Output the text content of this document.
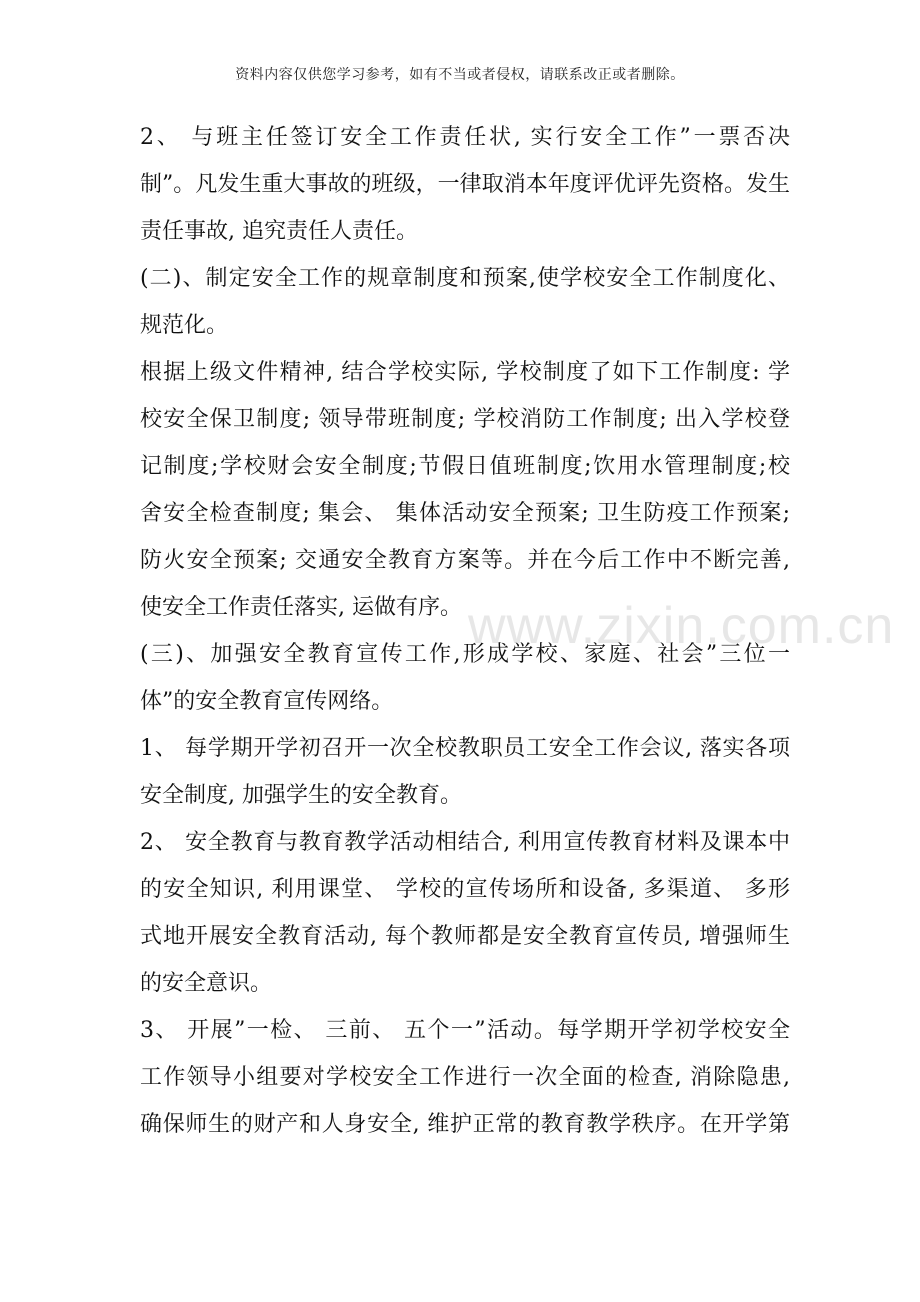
资料内容仅供您学习参考，如有不当或者侵权，请联系改正或者删除。
www.zixin.com.cn
2、 与班主任签订安全工作责任状, 实行安全工作”一票否决
制”。凡发生重大事故的班级，一律取消本年度评优评先资格。发生
责任事故, 追究责任人责任。
(二)、制定安全工作的规章制度和预案,使学校安全工作制度化、
规范化。
根据上级文件精神, 结合学校实际, 学校制度了如下工作制度: 学
校安全保卫制度; 领导带班制度; 学校消防工作制度; 出入学校登
记制度;学校财会安全制度;节假日值班制度;饮用水管理制度;校
舍安全检查制度; 集会、 集体活动安全预案; 卫生防疫工作预案;
防火安全预案; 交通安全教育方案等。并在今后工作中不断完善,
使安全工作责任落实, 运做有序。
(三)、加强安全教育宣传工作,形成学校、家庭、社会”三位一
体”的安全教育宣传网络。
1、 每学期开学初召开一次全校教职员工安全工作会议, 落实各项
安全制度, 加强学生的安全教育。
2、 安全教育与教育教学活动相结合, 利用宣传教育材料及课本中
的安全知识, 利用课堂、 学校的宣传场所和设备, 多渠道、 多形
式地开展安全教育活动, 每个教师都是安全教育宣传员, 增强师生
的安全意识。
3、 开展”一检、 三前、 五个一”活动。每学期开学初学校安全
工作领导小组要对学校安全工作进行一次全面的检查, 消除隐患,
确保师生的财产和人身安全, 维护正常的教育教学秩序。在开学第
